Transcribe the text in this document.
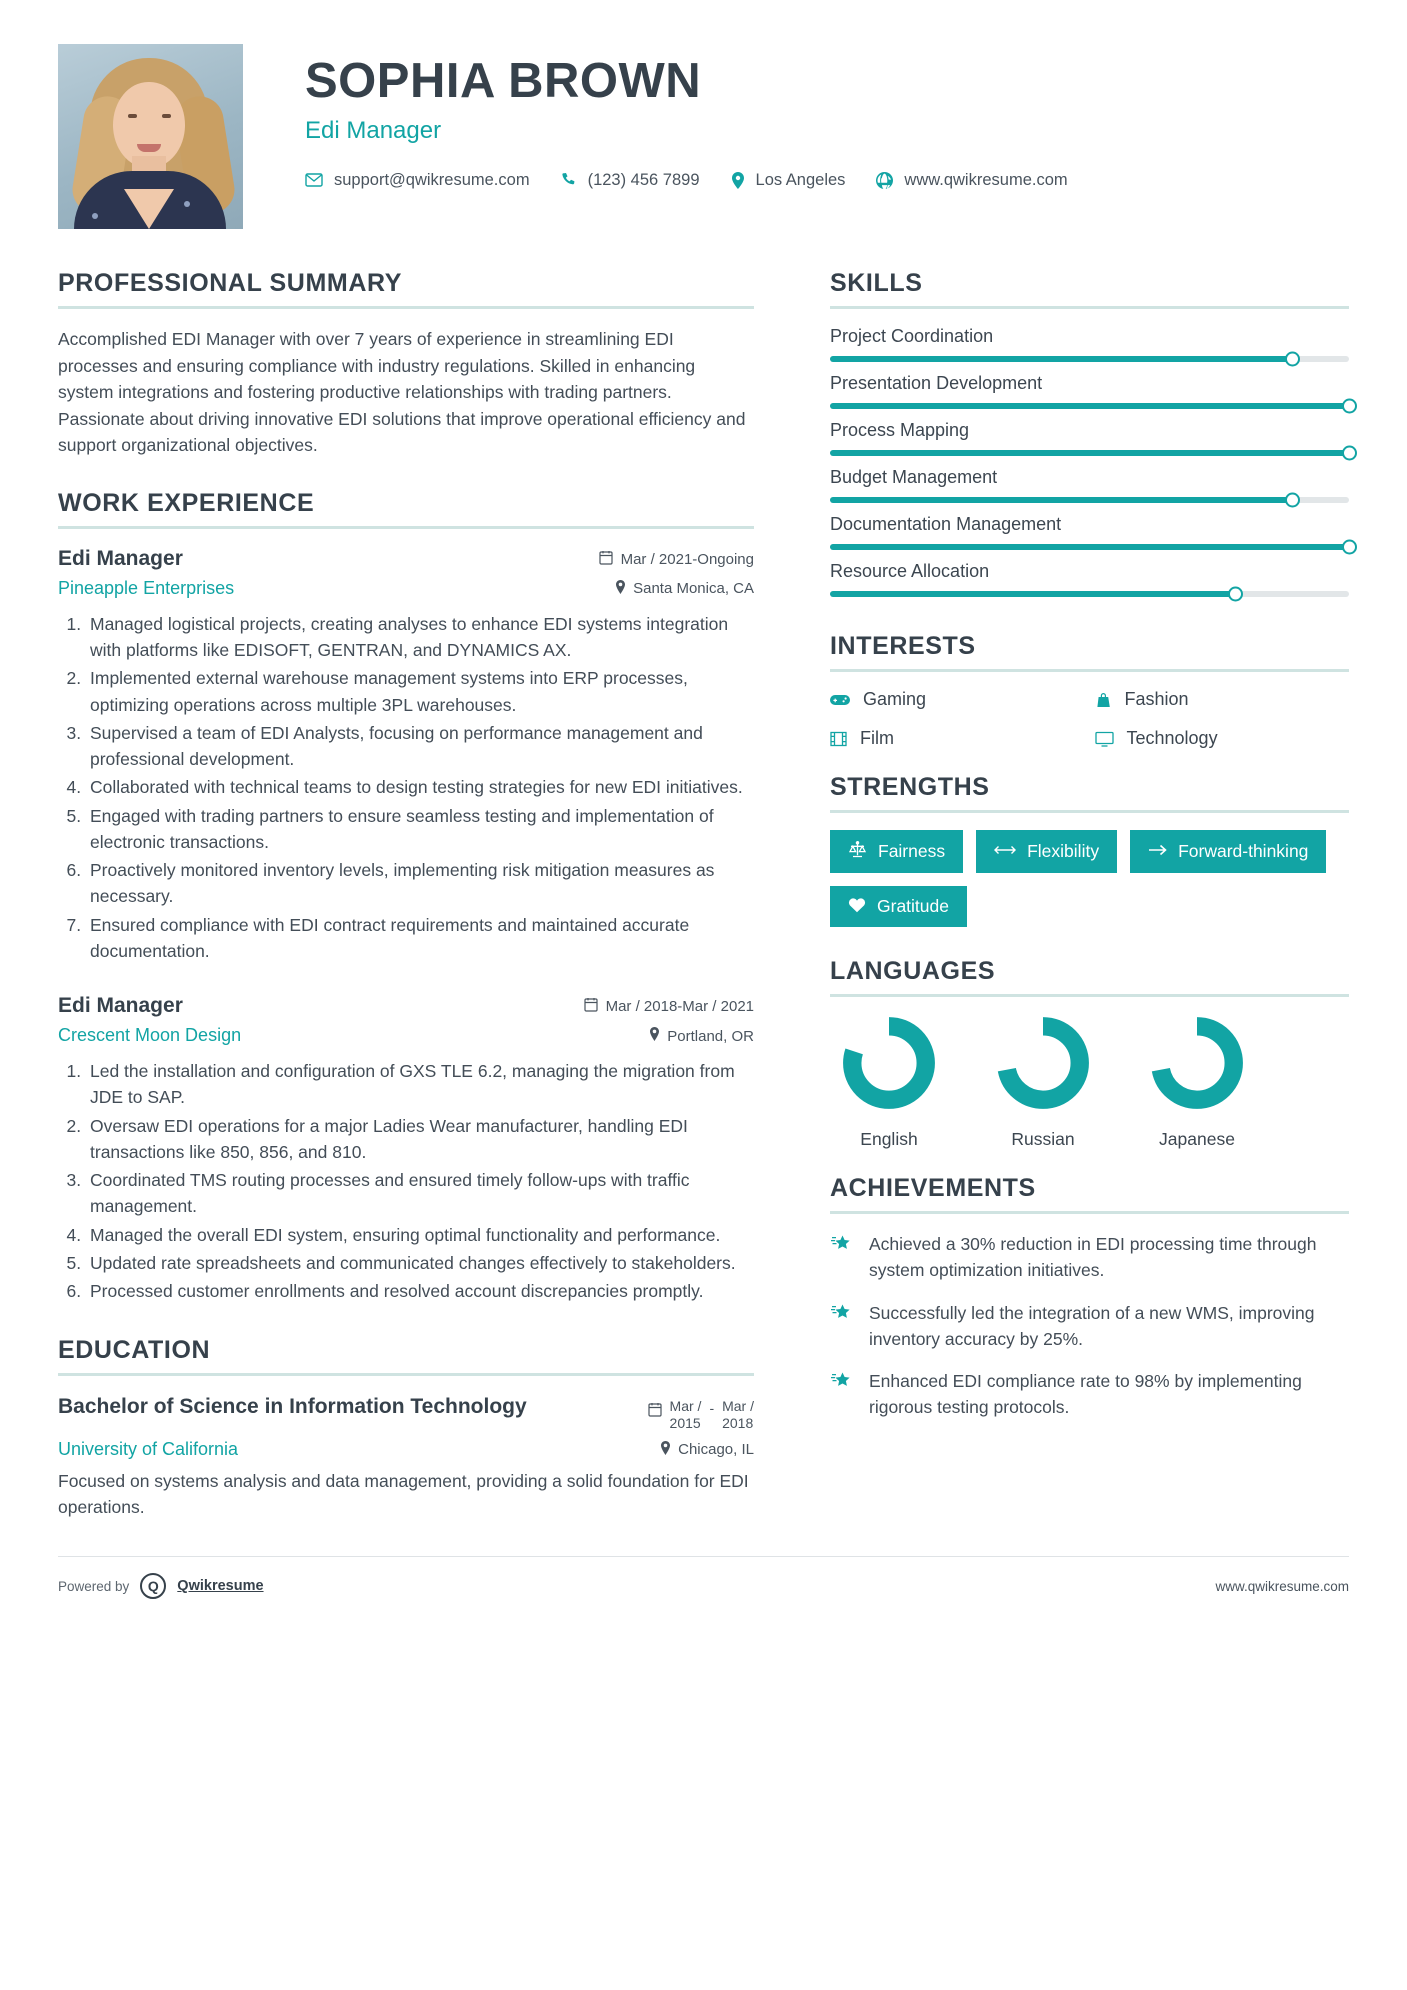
SOPHIA BROWN
Edi Manager
support@qwikresume.com	(123) 456 7899	Los Angeles	www.qwikresume.com
PROFESSIONAL SUMMARY

Accomplished EDI Manager with over 7 years of experience in streamlining EDI processes and ensuring compliance with industry regulations. Skilled in enhancing system integrations and fostering productive relationships with trading partners. Passionate about driving innovative EDI solutions that improve operational efficiency and support organizational objectives.

WORK EXPERIENCE
Edi Manager	Mar / 2021-Ongoing
Pineapple Enterprises	Santa Monica, CA
1. Managed logistical projects, creating analyses to enhance EDI systems integration with platforms like EDISOFT, GENTRAN, and DYNAMICS AX.
2. Implemented external warehouse management systems into ERP processes, optimizing operations across multiple 3PL warehouses.
3. Supervised a team of EDI Analysts, focusing on performance management and professional development.
4. Collaborated with technical teams to design testing strategies for new EDI initiatives.
5. Engaged with trading partners to ensure seamless testing and implementation of electronic transactions.
6. Proactively monitored inventory levels, implementing risk mitigation measures as necessary.
7. Ensured compliance with EDI contract requirements and maintained accurate documentation.
Edi Manager	Mar / 2018-Mar / 2021
Crescent Moon Design	Portland, OR
1. Led the installation and configuration of GXS TLE 6.2, managing the migration from JDE to SAP.
2. Oversaw EDI operations for a major Ladies Wear manufacturer, handling EDI transactions like 850, 856, and 810.
3. Coordinated TMS routing processes and ensured timely follow-ups with traffic management.
4. Managed the overall EDI system, ensuring optimal functionality and performance.
5. Updated rate spreadsheets and communicated changes effectively to stakeholders.
6. Processed customer enrollments and resolved account discrepancies promptly.
EDUCATION
Bachelor of Science in Information Technology	Mar /
2015
- Mar /
2018
University of California	Chicago, IL
Focused on systems analysis and data management, providing a solid foundation for EDI operations.
SKILLS
Project Coordination
Presentation Development
Process Mapping
Budget Management
Documentation Management
Resource Allocation
INTERESTS
Gaming	Fashion
Film	Technology
STRENGTHS
Fairness	Flexibility	Forward-thinking
Gratitude
LANGUAGES
English	Russian	Japanese
ACHIEVEMENTS
Achieved a 30% reduction in EDI processing time through system optimization initiatives.
Successfully led the integration of a new WMS, improving inventory accuracy by 25%.
Enhanced EDI compliance rate to 98% by implementing rigorous testing protocols.
Powered by	Q	Qwikresume	www.qwikresume.com
